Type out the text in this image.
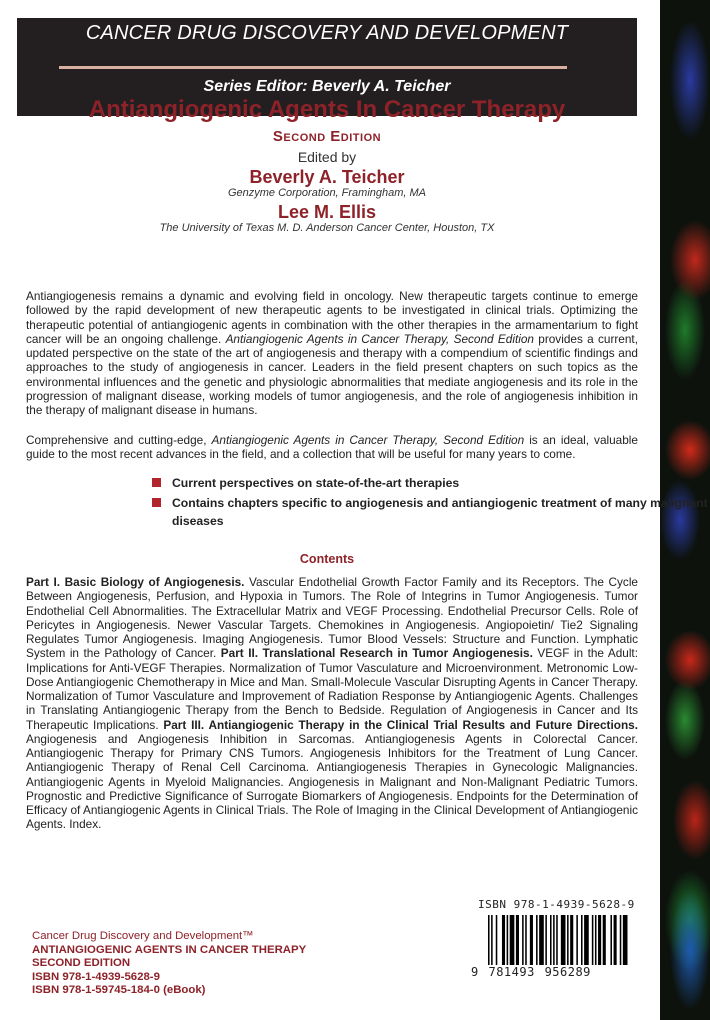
CANCER DRUG DISCOVERY AND DEVELOPMENT
Series Editor: Beverly A. Teicher
Antiangiogenic Agents In Cancer Therapy
Second Edition
Edited by
Beverly A. Teicher
Genzyme Corporation, Framingham, MA
Lee M. Ellis
The University of Texas M. D. Anderson Cancer Center, Houston, TX

Antiangiogenesis remains a dynamic and evolving field in oncology. New therapeutic targets continue to emerge followed by the rapid development of new therapeutic agents to be investigated in clinical trials. Optimizing the therapeutic potential of antiangiogenic agents in combination with the other therapies in the armamentarium to fight cancer will be an ongoing challenge. Antiangiogenic Agents in Cancer Therapy, Second Edition provides a current, updated perspective on the state of the art of angiogenesis and therapy with a compendium of scientific findings and approaches to the study of angiogenesis in cancer. Leaders in the field present chapters on such topics as the environmental influences and the genetic and physiologic abnormalities that mediate angiogenesis and its role in the progression of malignant disease, working models of tumor angiogenesis, and the role of angiogenesis inhibition in the therapy of malignant disease in humans.

Comprehensive and cutting-edge, Antiangiogenic Agents in Cancer Therapy, Second Edition is an ideal, valuable guide to the most recent advances in the field, and a collection that will be useful for many years to come.

Current perspectives on state-of-the-art therapies
Contains chapters specific to angiogenesis and antiangiogenic treatment of many malignant diseases
Contents

Part I. Basic Biology of Angiogenesis. Vascular Endothelial Growth Factor Family and its Receptors. The Cycle Between Angiogenesis, Perfusion, and Hypoxia in Tumors. The Role of Integrins in Tumor Angiogenesis. Tumor Endothelial Cell Abnormalities. The Extracellular Matrix and VEGF Processing. Endothelial Precursor Cells. Role of Pericytes in Angiogenesis. Newer Vascular Targets. Chemokines in Angiogenesis. Angiopoietin/ Tie2 Signaling Regulates Tumor Angiogenesis. Imaging Angiogenesis. Tumor Blood Vessels: Structure and Function. Lymphatic System in the Pathology of Cancer. Part II. Translational Research in Tumor Angiogenesis. VEGF in the Adult: Implications for Anti-VEGF Therapies. Normalization of Tumor Vasculature and Microenvironment. Metronomic Low-Dose Antiangiogenic Chemotherapy in Mice and Man. Small-Molecule Vascular Disrupting Agents in Cancer Therapy. Normalization of Tumor Vasculature and Improvement of Radiation Response by Antiangiogenic Agents. Challenges in Translating Antiangiogenic Therapy from the Bench to Bedside. Regulation of Angiogenesis in Cancer and Its Therapeutic Implications. Part III. Antiangiogenic Therapy in the Clinical Trial Results and Future Directions. Angiogenesis and Angiogenesis Inhibition in Sarcomas. Antiangiogenesis Agents in Colorectal Cancer. Antiangiogenic Therapy for Primary CNS Tumors. Angiogenesis Inhibitors for the Treatment of Lung Cancer. Antiangiogenic Therapy of Renal Cell Carcinoma. Antiangiogenesis Therapies in Gynecologic Malignancies. Antiangiogenic Agents in Myeloid Malignancies. Angiogenesis in Malignant and Non-Malignant Pediatric Tumors. Prognostic and Predictive Significance of Surrogate Biomarkers of Angiogenesis. Endpoints for the Determination of Efficacy of Antiangiogenic Agents in Clinical Trials. The Role of Imaging in the Clinical Development of Antiangiogenic Agents. Index.

Cancer Drug Discovery and Development™
ANTIANGIOGENIC AGENTS IN CANCER THERAPY
SECOND EDITION
ISBN 978-1-4939-5628-9
ISBN 978-1-59745-184-0 (eBook)
ISBN 978-1-4939-5628-9
9 781493 956289
